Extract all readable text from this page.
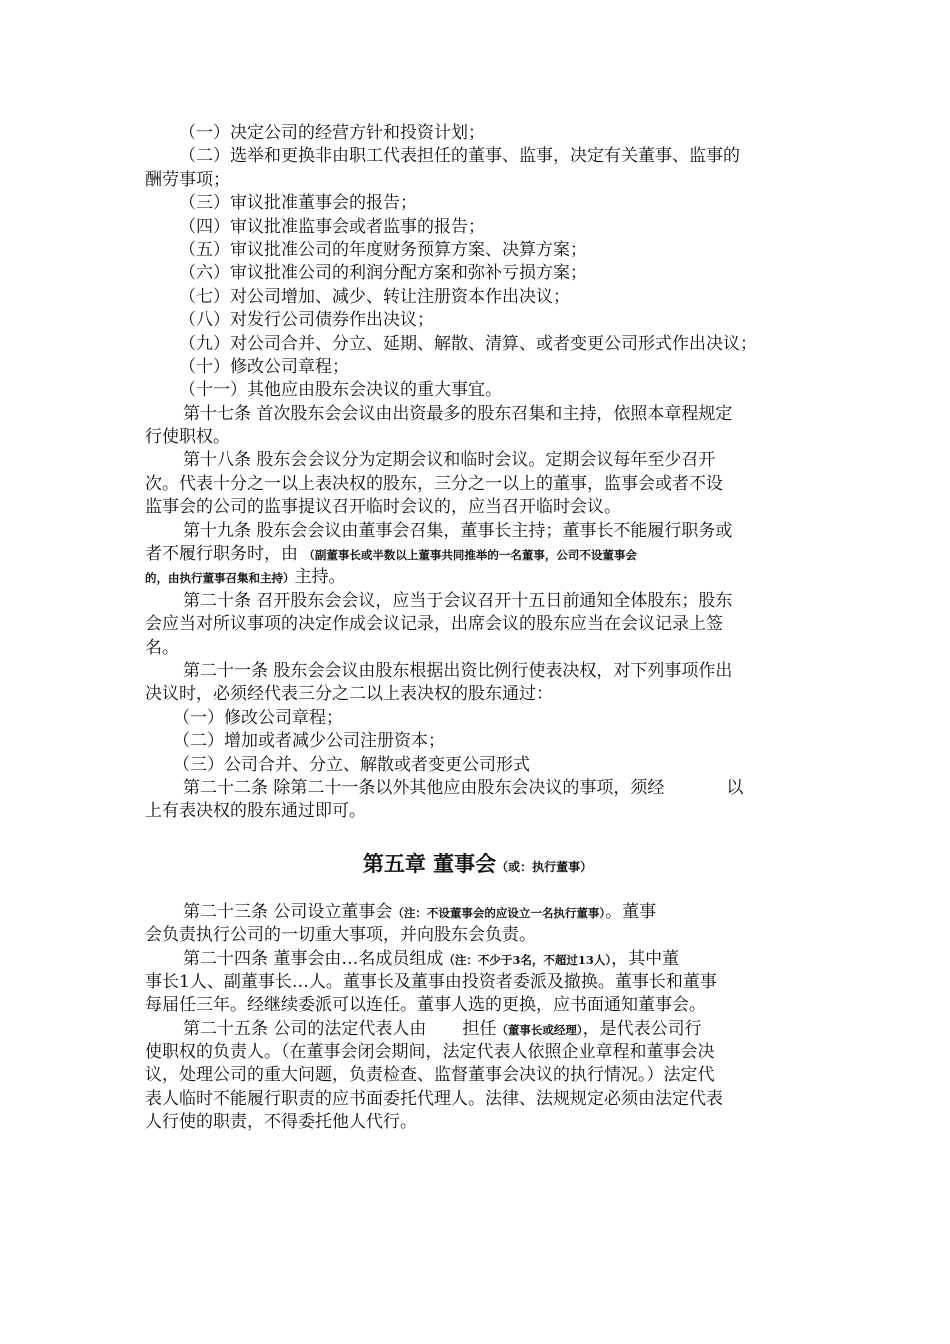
（一）决定公司的经营方针和投资计划；
（二）选举和更换非由职工代表担任的董事、监事，决定有关董事、监事的
酬劳事项；
（三）审议批准董事会的报告；
（四）审议批准监事会或者监事的报告；
（五）审议批准公司的年度财务预算方案、决算方案；
（六）审议批准公司的利润分配方案和弥补亏损方案；
（七）对公司增加、减少、转让注册资本作出决议；
（八）对发行公司债券作出决议；
（九）对公司合并、分立、延期、解散、清算、或者变更公司形式作出决议；
（十）修改公司章程；
（十一）其他应由股东会决议的重大事宜。
第十七条 首次股东会会议由出资最多的股东召集和主持，依照本章程规定
行使职权。
第十八条 股东会会议分为定期会议和临时会议。定期会议每年至少召开
次。代表十分之一以上表决权的股东，三分之一以上的董事，监事会或者不设
监事会的公司的监事提议召开临时会议的，应当召开临时会议。
第十九条 股东会会议由董事会召集，董事长主持；董事长不能履行职务或
者不履行职务时，由 （副董事长或半数以上董事共同推举的一名董事，公司不设董事会
的，由执行董事召集和主持）主持。
第二十条 召开股东会会议，应当于会议召开十五日前通知全体股东；股东
会应当对所议事项的决定作成会议记录，出席会议的股东应当在会议记录上签
名。
第二十一条 股东会会议由股东根据出资比例行使表决权，对下列事项作出
决议时，必须经代表三分之二以上表决权的股东通过：
（一）修改公司章程；
（二）增加或者减少公司注册资本；
（三）公司合并、分立、解散或者变更公司形式
第二十二条 除第二十一条以外其他应由股东会决议的事项，须经	以
上有表决权的股东通过即可。
第五章 董事会（或：执行董事）
第二十三条 公司设立董事会（注：不设董事会的应设立一名执行董事）。董事
会负责执行公司的一切重大事项，并向股东会负责。
第二十四条 董事会由…名成员组成（注：不少于3名，不超过13人），其中董
事长1人、副董事长…人。董事长及董事由投资者委派及撤换。董事长和董事
每届任三年。经继续委派可以连任。董事人选的更换，应书面通知董事会。
第二十五条 公司的法定代表人由 担任（董事长或经理），是代表公司行
使职权的负责人。（在董事会闭会期间，法定代表人依照企业章程和董事会决
议，处理公司的重大问题，负责检查、监督董事会决议的执行情况。）法定代
表人临时不能履行职责的应书面委托代理人。法律、法规规定必须由法定代表
人行使的职责，不得委托他人代行。
